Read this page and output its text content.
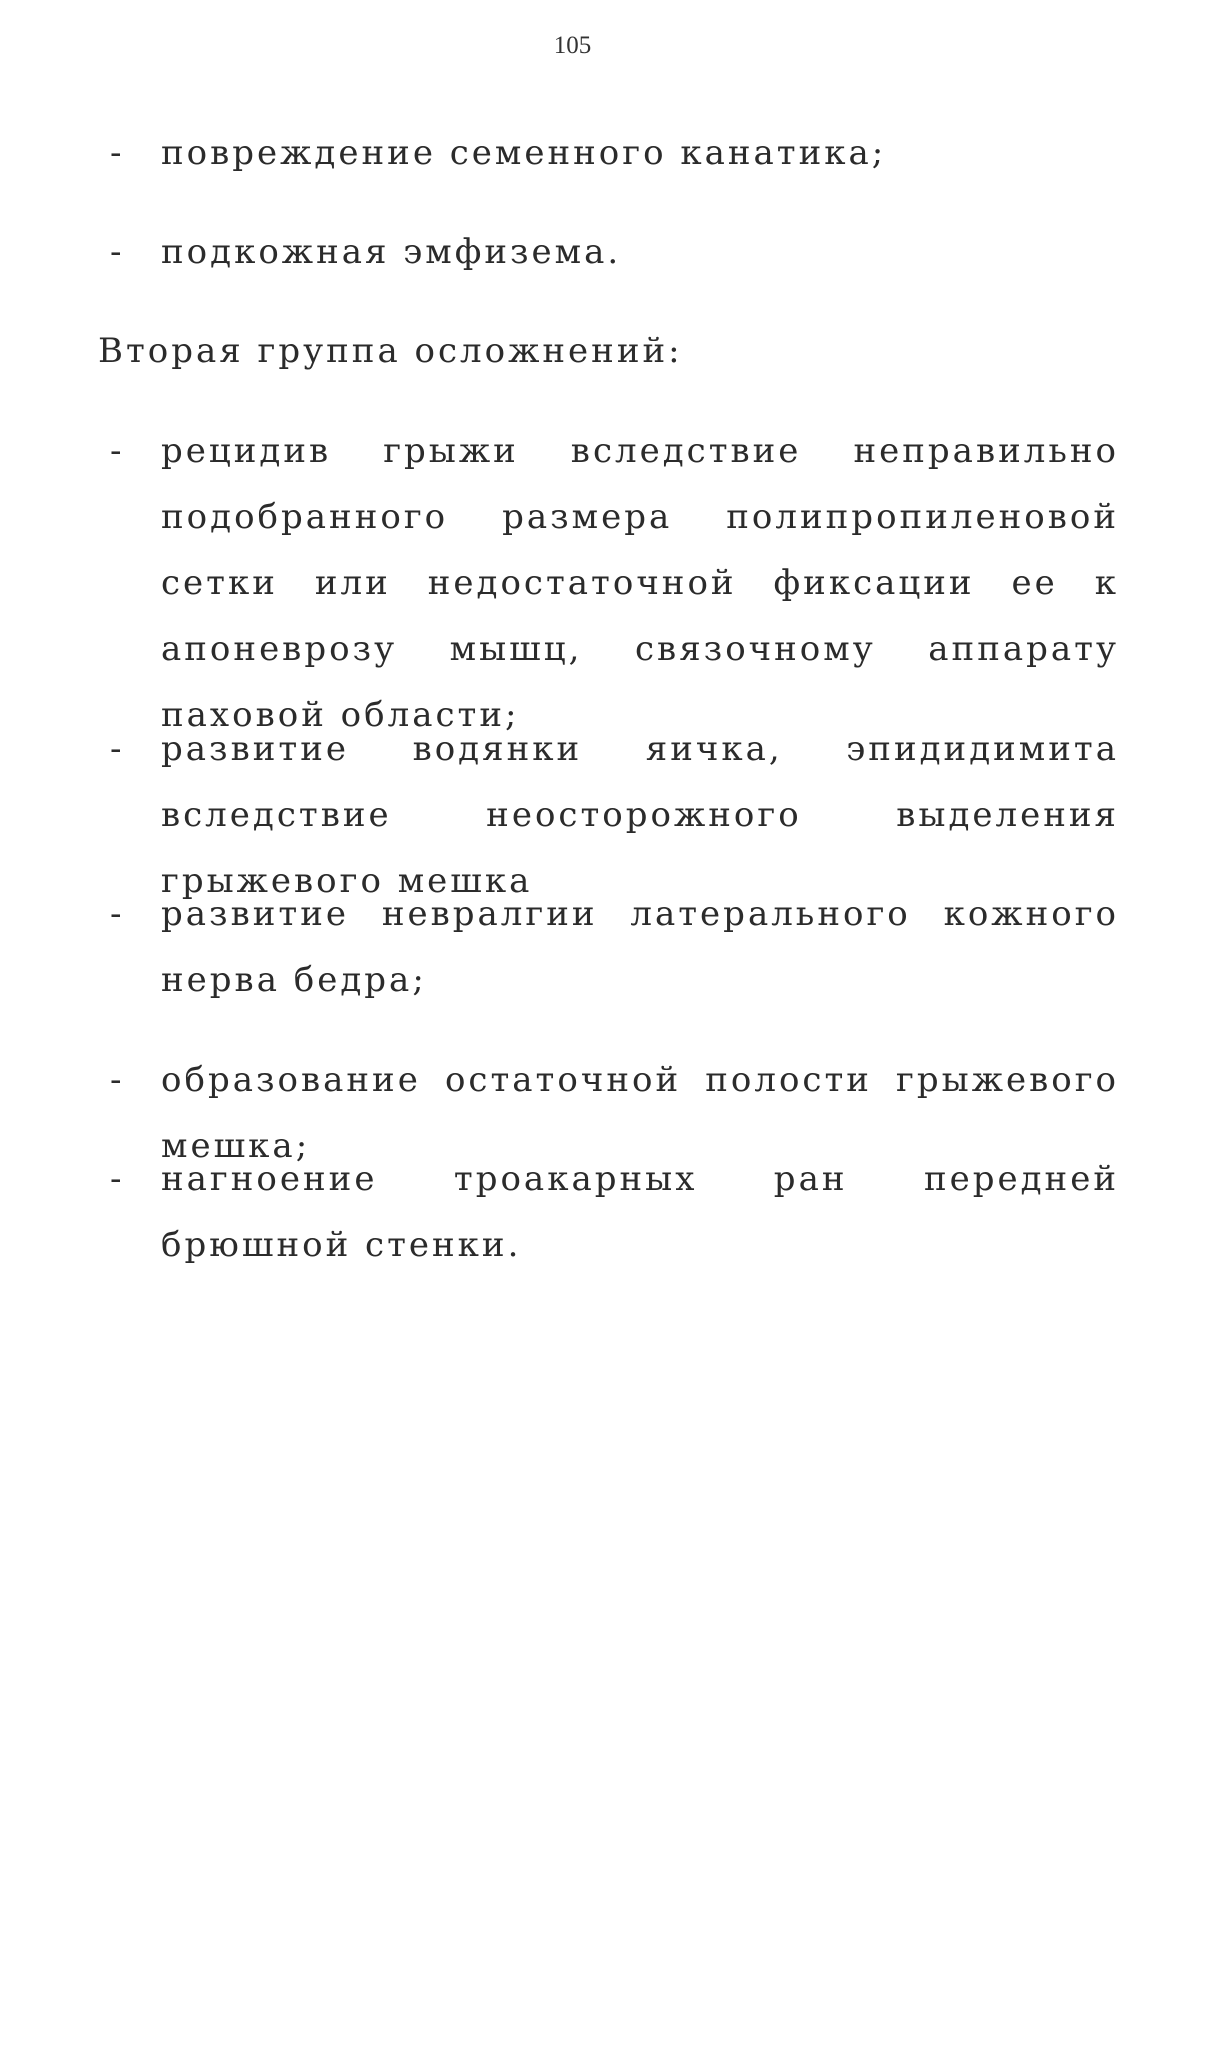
105
- повреждение семенного канатика;
- подкожная эмфизема.
Вторая группа осложнений:
- рецидив грыжи вследствие неправильно подобранного размера полипропиленовой сетки или недостаточной фиксации ее к апоневрозу мышц, связочному аппарату паховой области;
- развитие водянки яичка, эпидидимита вследствие неосторожного выделения грыжевого мешка
- развитие невралгии латерального кожного нерва бедра;
- образование остаточной полости грыжевого мешка;
- нагноение троакарных ран передней брюшной стенки.
